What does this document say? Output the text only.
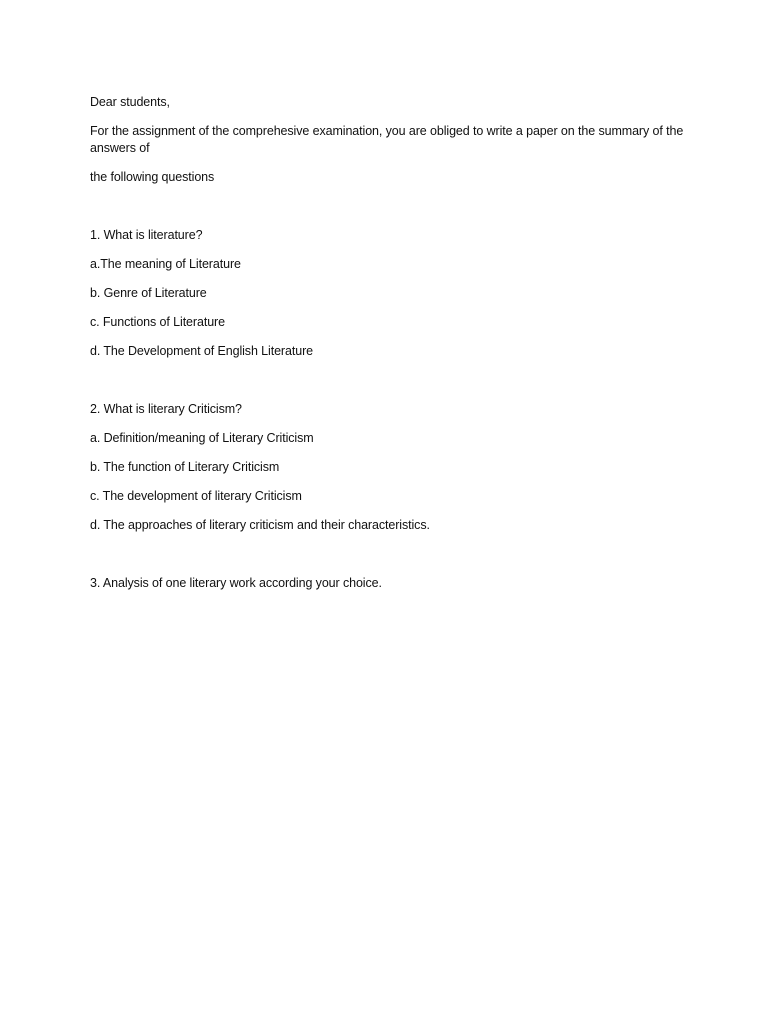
Dear students,

For the assignment of the comprehesive examination, you are obliged to write a paper on the summary of the answers of

the following questions

1. What is literature?

a.The meaning of Literature

b. Genre of Literature

c. Functions of Literature

d. The Development of English Literature

2. What is literary Criticism?

a. Definition/meaning of Literary Criticism

b. The function of Literary Criticism

c. The development of literary Criticism

d. The approaches of literary criticism and their characteristics.

3. Analysis of one literary work according your choice.
